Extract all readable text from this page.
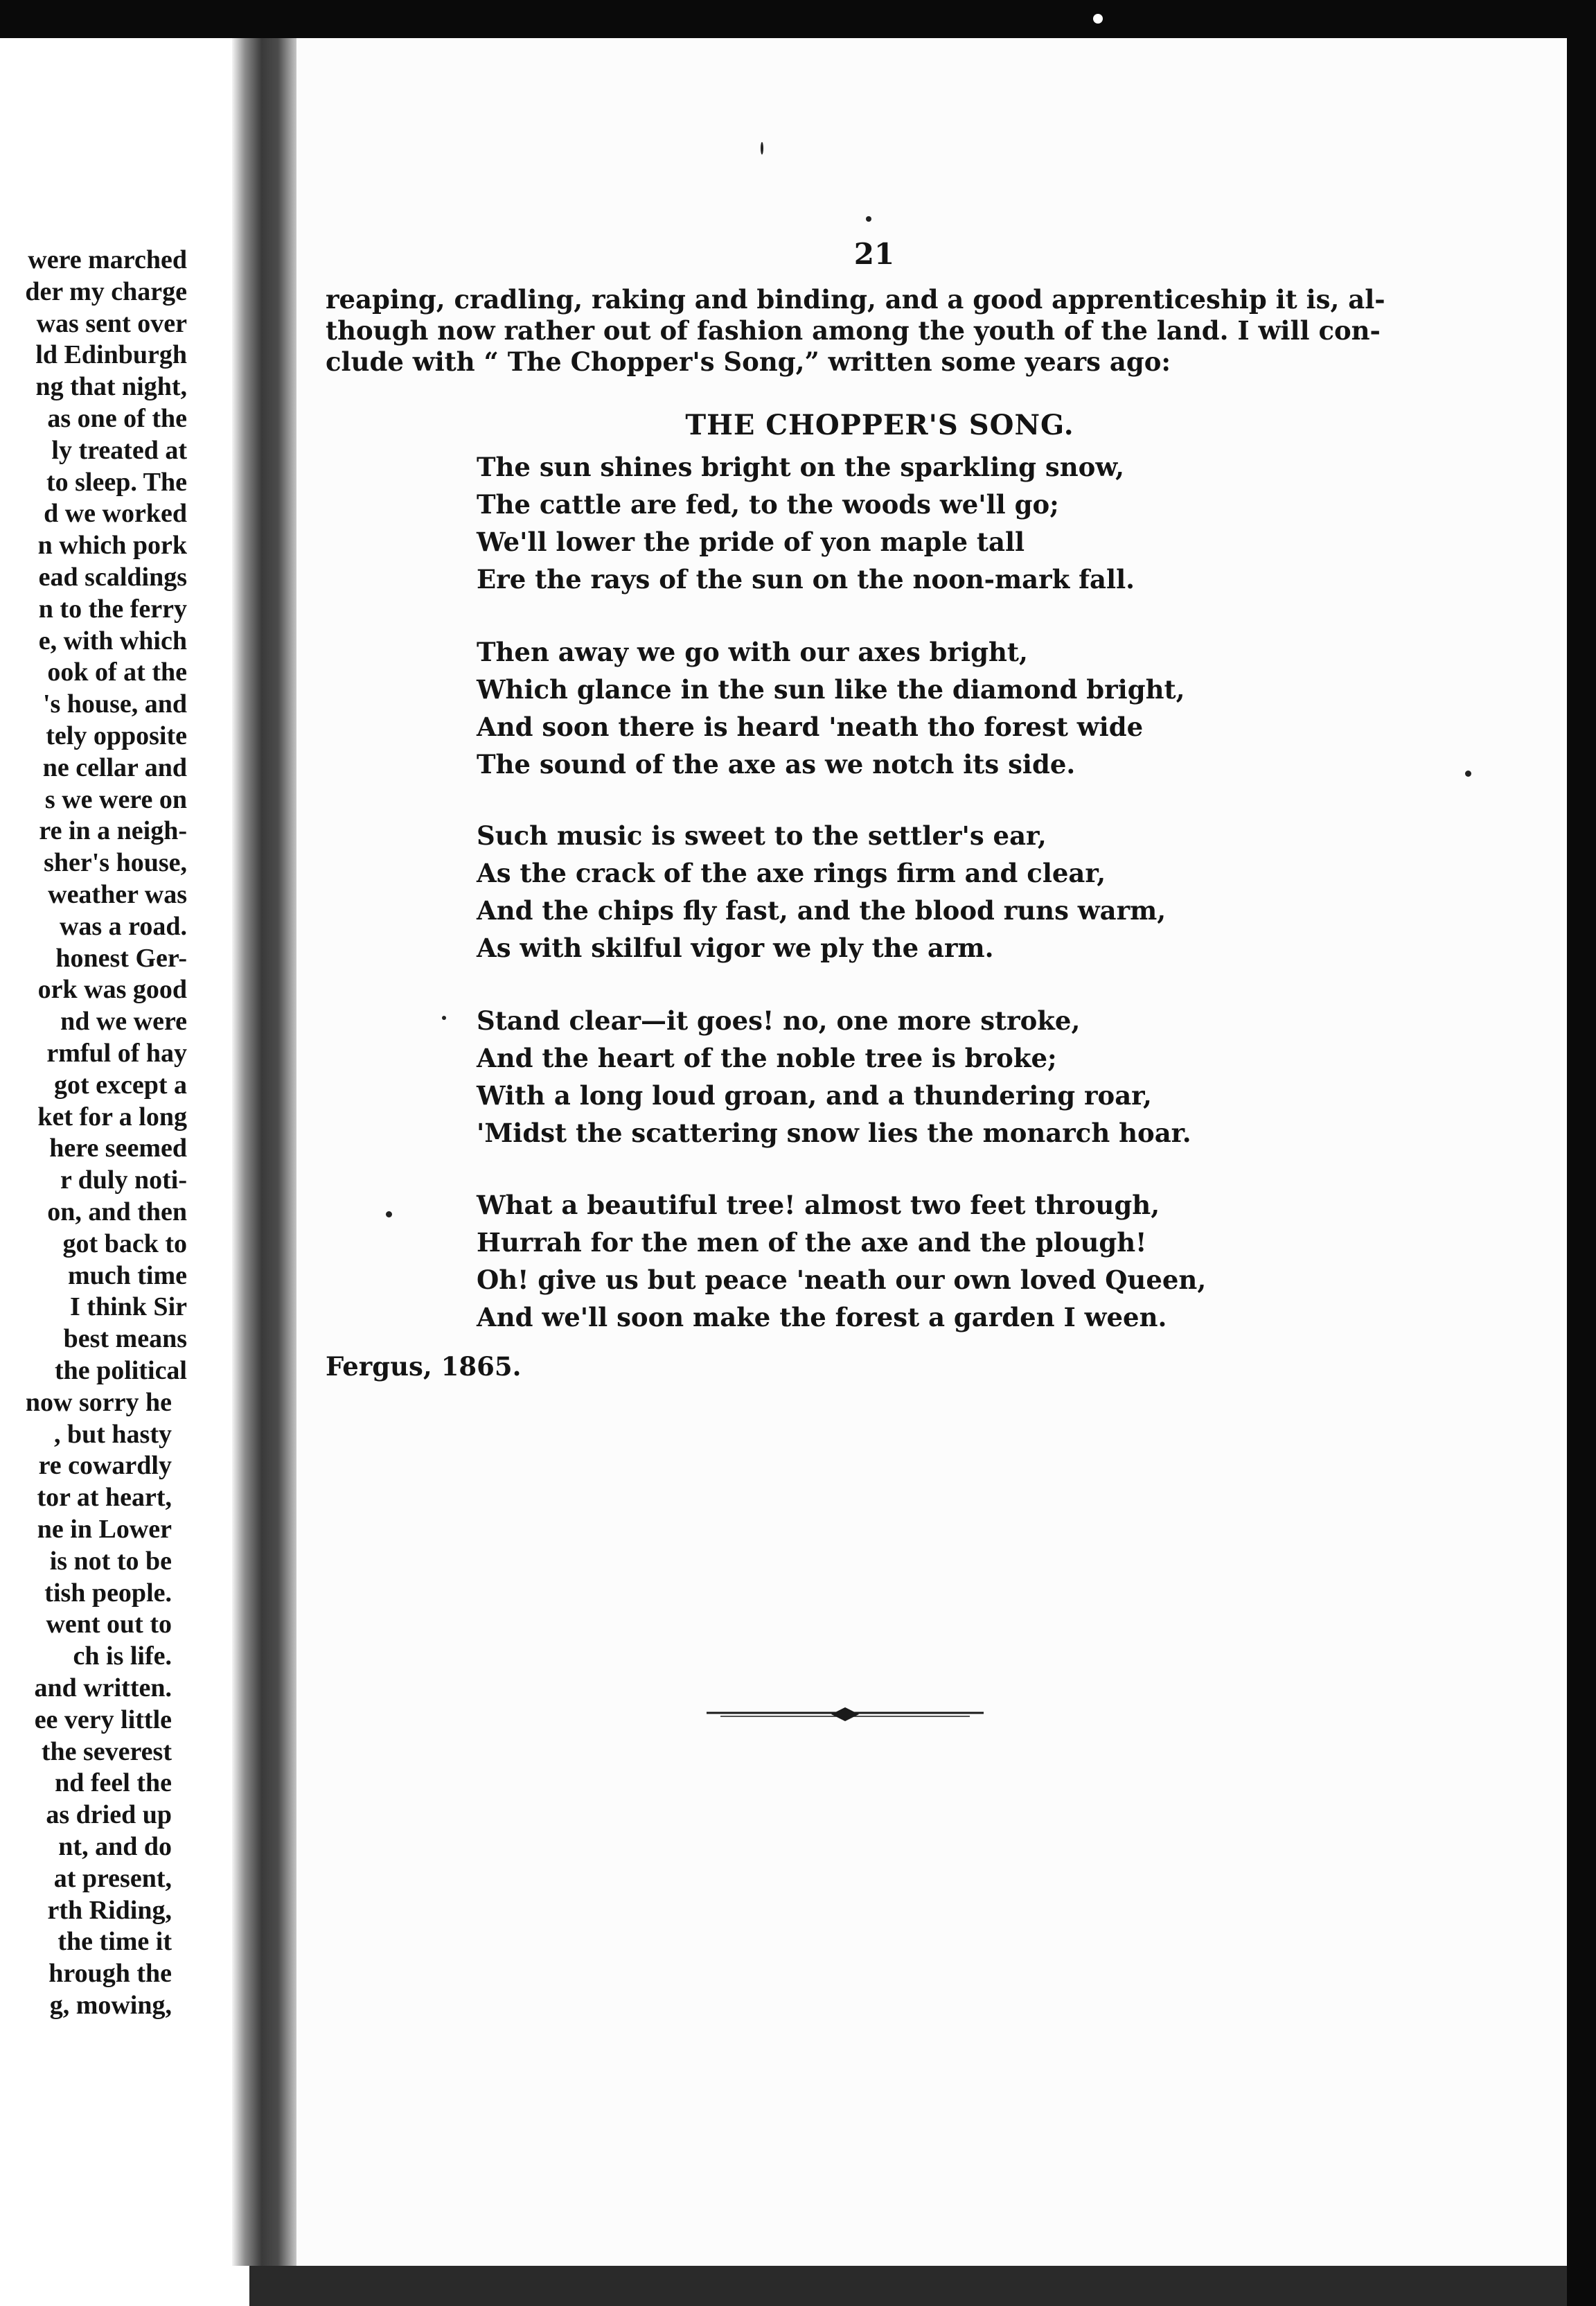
were marched
der my charge
was sent over
ld Edinburgh
ng that night,
as one of the
ly treated at
to sleep. The
d we worked
n which pork
ead scaldings
n to the ferry
e, with which
ook of at the
's house, and
tely opposite
ne cellar and
s we were on
re in a neigh-
sher's house,
weather was
was a road.
honest Ger-
ork was good
nd we were
rmful of hay
got except a
ket for a long
here seemed
r duly noti-
on, and then
got back to
much time
I think Sir
best means
the political
now sorry he
, but hasty
re cowardly
tor at heart,
ne in Lower
is not to be
tish people.
went out to
ch is life.
and written.
ee very little
the severest
nd feel the
as dried up
nt, and do
at present,
rth Riding,
the time it
hrough the
g, mowing,
21
reaping, cradling, raking and binding, and a good apprenticeship it is, al-
though now rather out of fashion among the youth of the land. I will con-
clude with “ The Chopper's Song,” written some years ago:
THE CHOPPER'S SONG.
The sun shines bright on the sparkling snow,
The cattle are fed, to the woods we'll go;
We'll lower the pride of yon maple tall
Ere the rays of the sun on the noon-mark fall.
Then away we go with our axes bright,
Which glance in the sun like the diamond bright,
And soon there is heard 'neath tho forest wide
The sound of the axe as we notch its side.
Such music is sweet to the settler's ear,
As the crack of the axe rings firm and clear,
And the chips fly fast, and the blood runs warm,
As with skilful vigor we ply the arm.
Stand clear—it goes! no, one more stroke,
And the heart of the noble tree is broke;
With a long loud groan, and a thundering roar,
'Midst the scattering snow lies the monarch hoar.
What a beautiful tree! almost two feet through,
Hurrah for the men of the axe and the plough!
Oh! give us but peace 'neath our own loved Queen,
And we'll soon make the forest a garden I ween.
Fergus, 1865.
